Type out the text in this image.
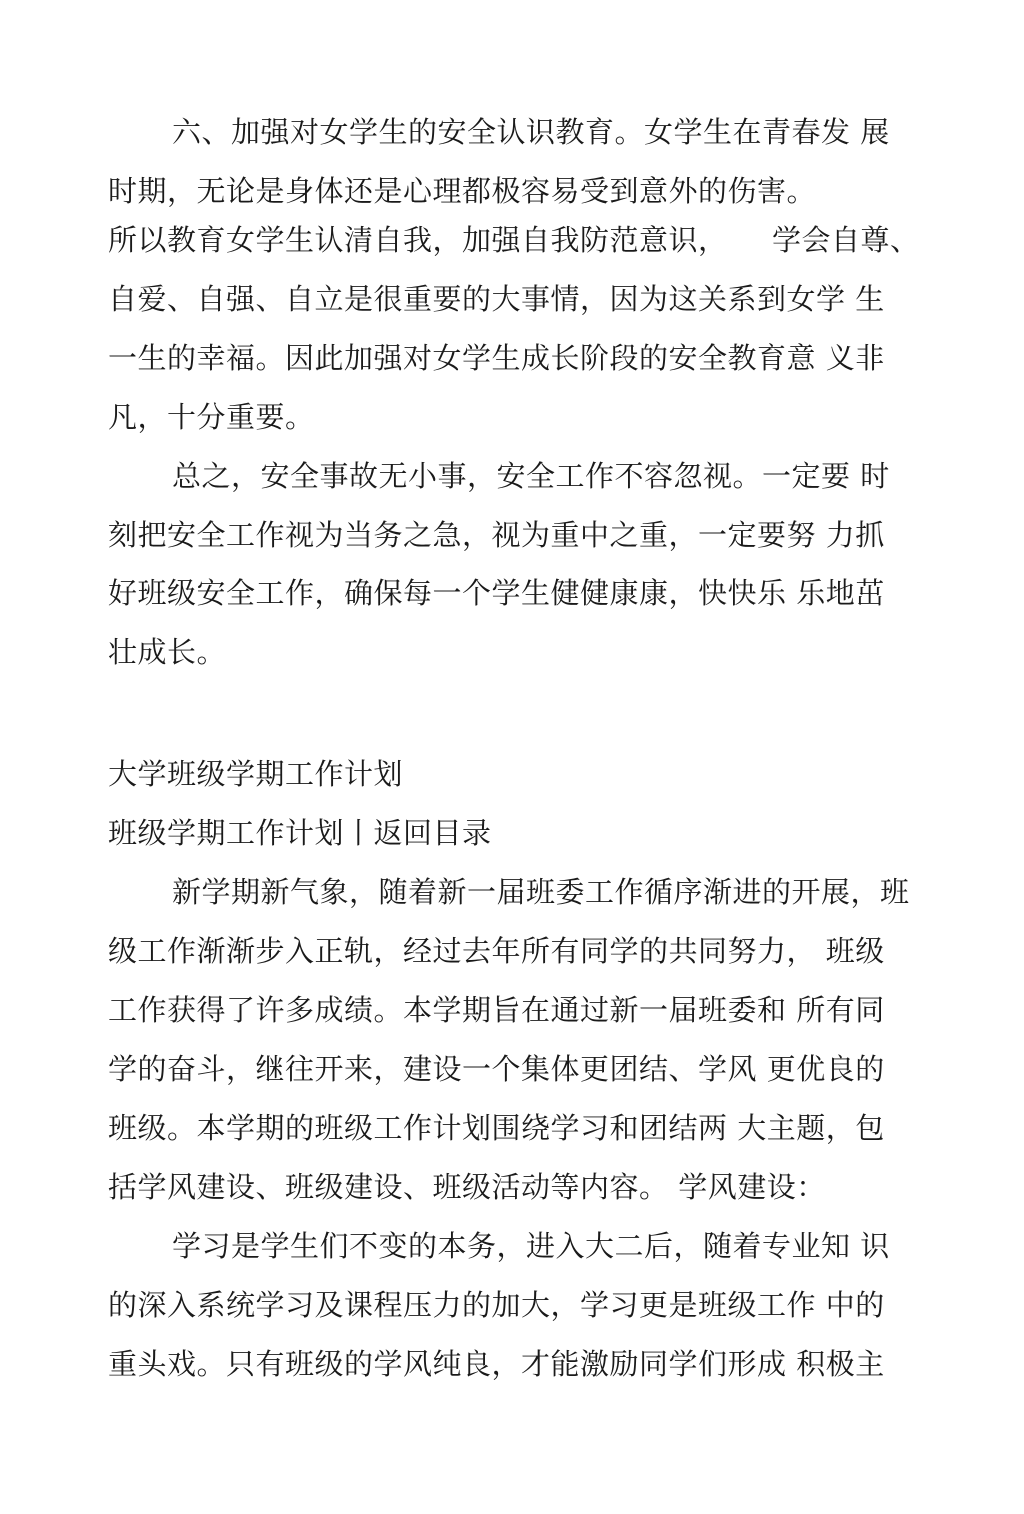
六、加强对女学生的安全认识教育。女学生在青春发 展
时期，无论是身体还是心理都极容易受到意外的伤害。
所以教育女学生认清自我，加强自我防范意识，　　学会自尊、
自爱、自强、自立是很重要的大事情，因为这关系到女学 生
一生的幸福。因此加强对女学生成长阶段的安全教育意 义非
凡，十分重要。
总之，安全事故无小事，安全工作不容忽视。一定要 时
刻把安全工作视为当务之急，视为重中之重，一定要努 力抓
好班级安全工作，确保每一个学生健健康康，快快乐 乐地茁
壮成长。
大学班级学期工作计划
班级学期工作计划丨返回目录
新学期新气象，随着新一届班委工作循序渐进的开展，班
级工作渐渐步入正轨，经过去年所有同学的共同努力， 班级
工作获得了许多成绩。本学期旨在通过新一届班委和 所有同
学的奋斗，继往开来，建设一个集体更团结、学风 更优良的
班级。本学期的班级工作计划围绕学习和团结两 大主题，包
括学风建设、班级建设、班级活动等内容。 学风建设：
学习是学生们不变的本务，进入大二后，随着专业知 识
的深入系统学习及课程压力的加大，学习更是班级工作 中的
重头戏。只有班级的学风纯良，才能激励同学们形成 积极主
